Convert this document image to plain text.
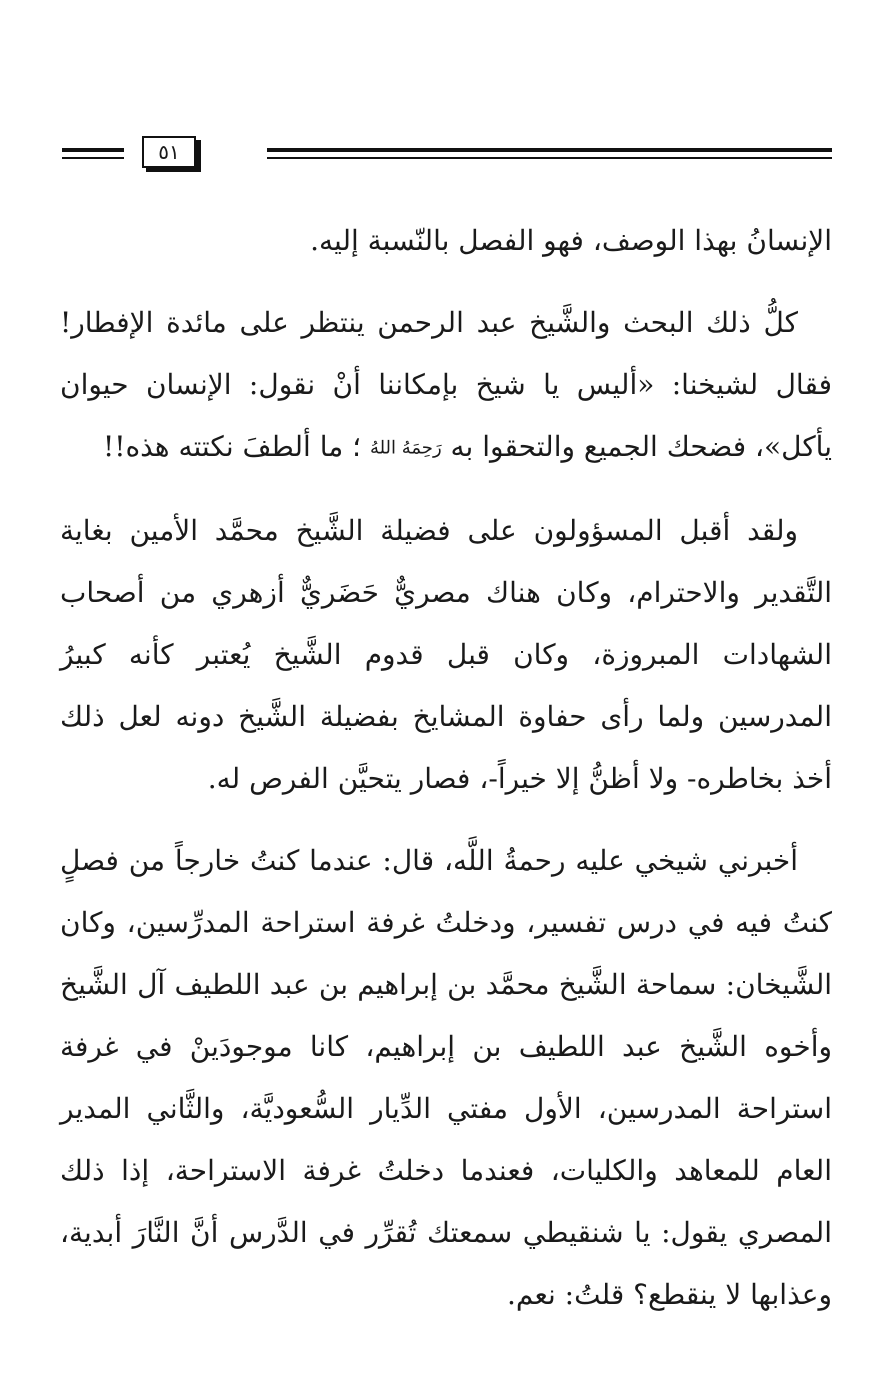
٥١

الإنسانُ بهذا الوصف، فهو الفصل بالنّسبة إليه.

كلُّ ذلك البحث والشَّيخ عبد الرحمن ينتظر على مائدة الإفطار! فقال لشيخنا: «أليس يا شيخ بإمكاننا أنْ نقول: الإنسان حيوان يأكل»، فضحك الجميع والتحقوا به رَحِمَهُ اللهُ ؛ ما ألطفَ نكتته هذه!!

ولقد أقبل المسؤولون على فضيلة الشَّيخ محمَّد الأمين بغاية التَّقدير والاحترام، وكان هناك مصريٌّ حَضَريٌّ أزهري من أصحاب الشهادات المبروزة، وكان قبل قدوم الشَّيخ يُعتبر كأنه كبيرُ المدرسين ولما رأى حفاوة المشايخ بفضيلة الشَّيخ دونه لعل ذلك أخذ بخاطره- ولا أظنُّ إلا خيراً-، فصار يتحيَّن الفرص له.

أخبرني شيخي عليه رحمةُ اللَّه، قال: عندما كنتُ خارجاً من فصلٍ كنتُ فيه في درس تفسير، ودخلتُ غرفة استراحة المدرِّسين، وكان الشَّيخان: سماحة الشَّيخ محمَّد بن إبراهيم بن عبد اللطيف آل الشَّيخ وأخوه الشَّيخ عبد اللطيف بن إبراهيم، كانا موجودَينْ في غرفة استراحة المدرسين، الأول مفتي الدِّيار السُّعوديَّة، والثَّاني المدير العام للمعاهد والكليات، فعندما دخلتُ غرفة الاستراحة، إذا ذلك المصري يقول: يا شنقيطي سمعتك تُقرِّر في الدَّرس أنَّ النَّارَ أبدية، وعذابها لا ينقطع؟ قلتُ: نعم.
